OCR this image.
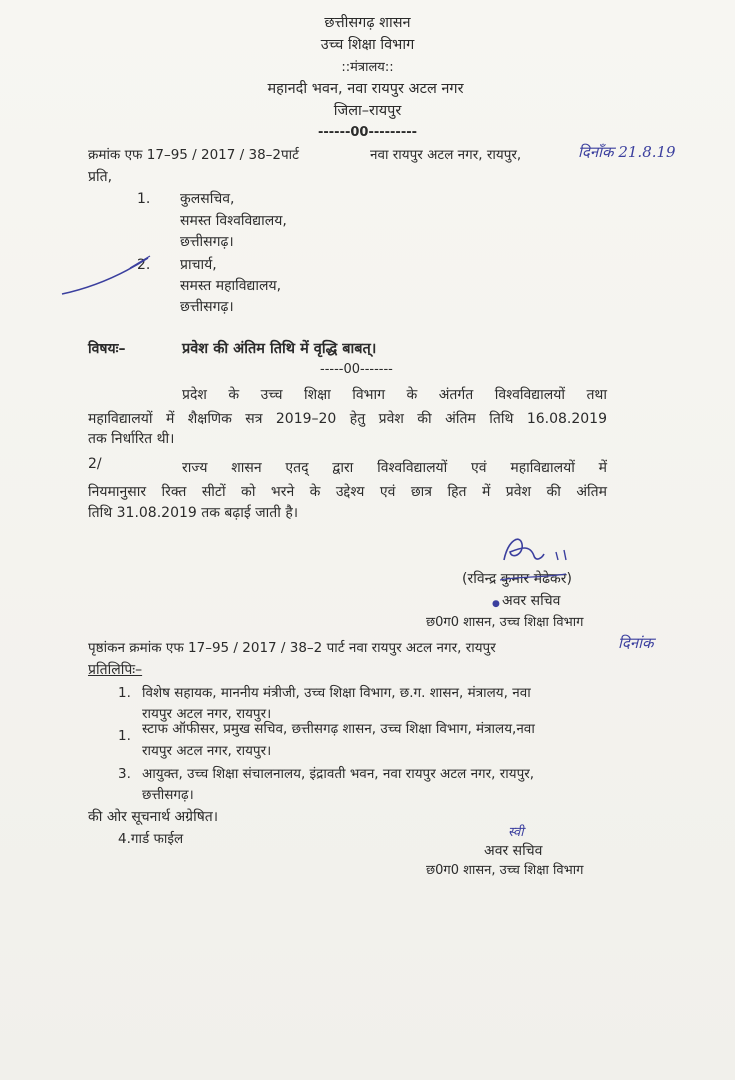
छत्तीसगढ़ शासन
उच्च शिक्षा विभाग
::मंत्रालय::
महानदी भवन, नवा रायपुर अटल नगर
जिला–रायपुर
------00---------
क्रमांक एफ 17–95 / 2017 / 38–2पार्ट	नवा रायपुर अटल नगर, रायपुर,	दिनाँक 21.8.19
प्रति,
1. कुलसचिव,
समस्त विश्वविद्यालय,
छत्तीसगढ़।
2. प्राचार्य,
समस्त महाविद्यालय,
छत्तीसगढ़।
विषयः–	प्रवेश की अंतिम तिथि में वृद्धि बाबत्।
-----00-------
प्रदेश के उच्च शिक्षा विभाग के अंतर्गत विश्वविद्यालयों तथा
महाविद्यालयों में शैक्षणिक सत्र 2019–20 हेतु प्रवेश की अंतिम तिथि 16.08.2019
तक निर्धारित थी।
2/	राज्य शासन एतद् द्वारा विश्वविद्यालयों एवं महाविद्यालयों में
नियमानुसार रिक्त सीटों को भरने के उद्देश्य एवं छात्र हित में प्रवेश की अंतिम
तिथि 31.08.2019 तक बढ़ाई जाती है।
(रविन्द्र कुमार मेढेकर)
● अवर सचिव
छ0ग0 शासन, उच्च शिक्षा विभाग
पृष्ठांकन क्रमांक एफ 17–95 / 2017 / 38–2 पार्ट नवा रायपुर अटल नगर, रायपुर	दिनांक
प्रतिलिपिः–
1. विशेष सहायक, माननीय मंत्रीजी, उच्च शिक्षा विभाग, छ.ग. शासन, मंत्रालय, नवा
रायपुर अटल नगर, रायपुर।
1. स्टाफ ऑफीसर, प्रमुख सचिव, छत्तीसगढ़ शासन, उच्च शिक्षा विभाग, मंत्रालय,नवा
रायपुर अटल नगर, रायपुर।
3. आयुक्त, उच्च शिक्षा संचालनालय, इंद्रावती भवन, नवा रायपुर अटल नगर, रायपुर,
छत्तीसगढ़।
की ओर सूचनार्थ अग्रेषित।
4.गार्ड फाईल	स्वी
अवर सचिव
छ0ग0 शासन, उच्च शिक्षा विभाग
